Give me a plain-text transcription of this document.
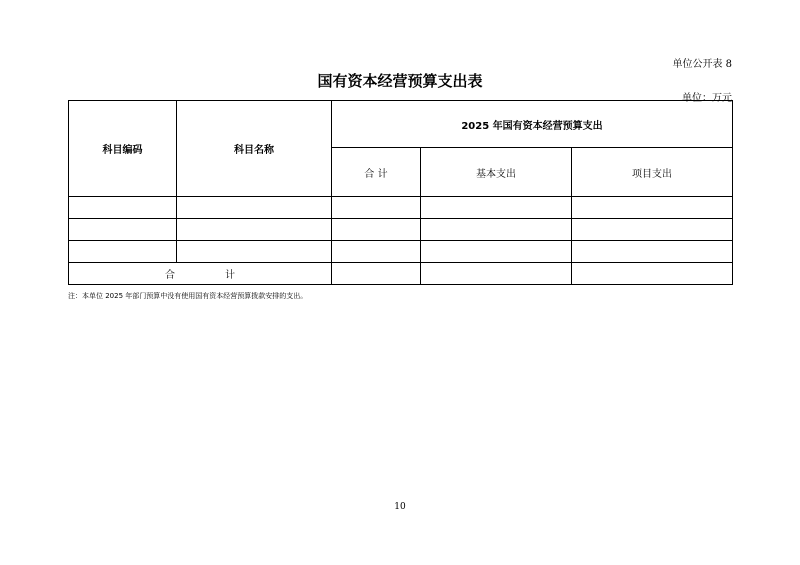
单位公开表 8
国有资本经营预算支出表
单位：万元
科目编码	科目名称	2025 年国有资本经营预算支出		
		合 计	基本支出	项目支出

合 计				
注：本单位 2025 年部门预算中没有使用国有资本经营预算拨款安排的支出。
10
